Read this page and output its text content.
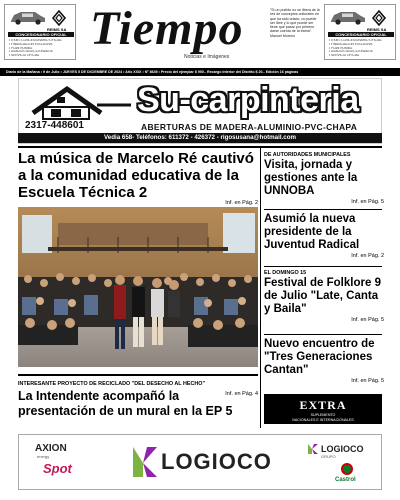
REIMS SA
CONCESIONARIO OFICIAL
• 0 KM • CONCESIONARIO OFICIAL
• FINANCIACION EXCLUSIVA
• PLAN ROMBO
• USADOS SELECCIONADOS
• SERVICIO OFICIAL
Tiempo
Noticias e Imágenes
"Si un pueblo no se libera de la red de conceptos culturales en que ha sido criado, no puede ser libre y lo que puede ser tiene que pasar por primero darse cuenta de la trama". Manuel Moreno
REIMS SA
CONCESIONARIO OFICIAL
• 0 KM • CONCESIONARIO OFICIAL
• FINANCIACION EXCLUSIVA
• PLAN ROMBO
• USADOS SELECCIONADOS
• SERVICIO OFICIAL
Diario de la Mañana • 9 de Julio • JUEVES 5 DE DICIEMBRE DE 2024 • Año XXIX • Nº 8649 • Precio del ejemplar $ 900.- Recargo interior del Distrito $ 20.- Edición 16 páginas
2317-448601
Su-carpinteria
ABERTURAS DE MADERA-ALUMINIO-PVC-CHAPA
Vedia 658- Teléfonos: 611372 - 426372 - rigosusana@hotmail.com
La música de Marcelo Ré cautivó a la comunidad educativa de la Escuela Técnica 2
Inf. en Pág. 2
INTERESANTE PROYECTO DE RECICLADO "DEL DESECHO AL HECHO"
La Intendente acompañó la presentación de un mural en la EP 5
Inf. en Pág. 4
DE AUTORIDADES MUNICIPALES
Visita, jornada y gestiones ante la UNNOBA
Inf. en Pág. 5
Asumió la nueva presidente de la Juventud Radical
Inf. en Pág. 2
EL DOMINGO 15
Festival de Folklore 9 de Julio "Late, Canta y Baila"
Inf. en Pág. 5
Nuevo encuentro de "Tres Generaciones Cantan"
Inf. en Pág. 5
EXTRA
SUPLEMENTO
NACIONALES E INTERNACIONALES
AXION
energy
Spot	LOGIOCO	LOGIOCO
GRUPO
Castrol
